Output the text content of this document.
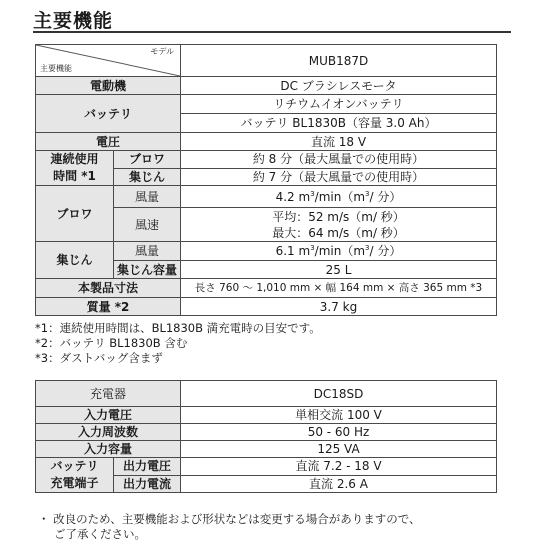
主要機能
モデル
主要機能		MUB187D
電動機		DC ブラシレスモータ
バッテリ		リチウムイオンバッテリ
		バッテリ BL1830B（容量 3.0 Ah）
電圧		直流 18 V

連続使用
時間 *1	ブロワ	約 8 分（最大風量での使用時）
	集じん	約 7 分（最大風量での使用時）
ブロワ	風量	4.2 $m^3/\min(m^3/$ 分）
	風速	平均：52 m/s（m/ 秒）
最大：64 m/s（m/ 秒）

集じん	風量	6.1 $m^3/\min(m^3/$ 分）
	集じん容量	25 L
本製品寸法		長さ 760 ～ 1,010 mm × 幅 164 mm × 高さ 365 mm *3
質量 *2		3.7 kg
*1：連続使用時間は、BL1830B 満充電時の目安です。
*2：バッテリ BL1830B 含む
*3：ダストバッグ含まず
充電器		DC18SD
入力電圧		単相交流 100 V
入力周波数		50 - 60 Hz
入力容量		125 VA

バッテリ
充電端子	出力電圧	直流 7.2 - 18 V
	出力電流	直流 2.6 A
・ 改良のため、主要機能および形状などは変更する場合がありますので、
ご了承ください。
